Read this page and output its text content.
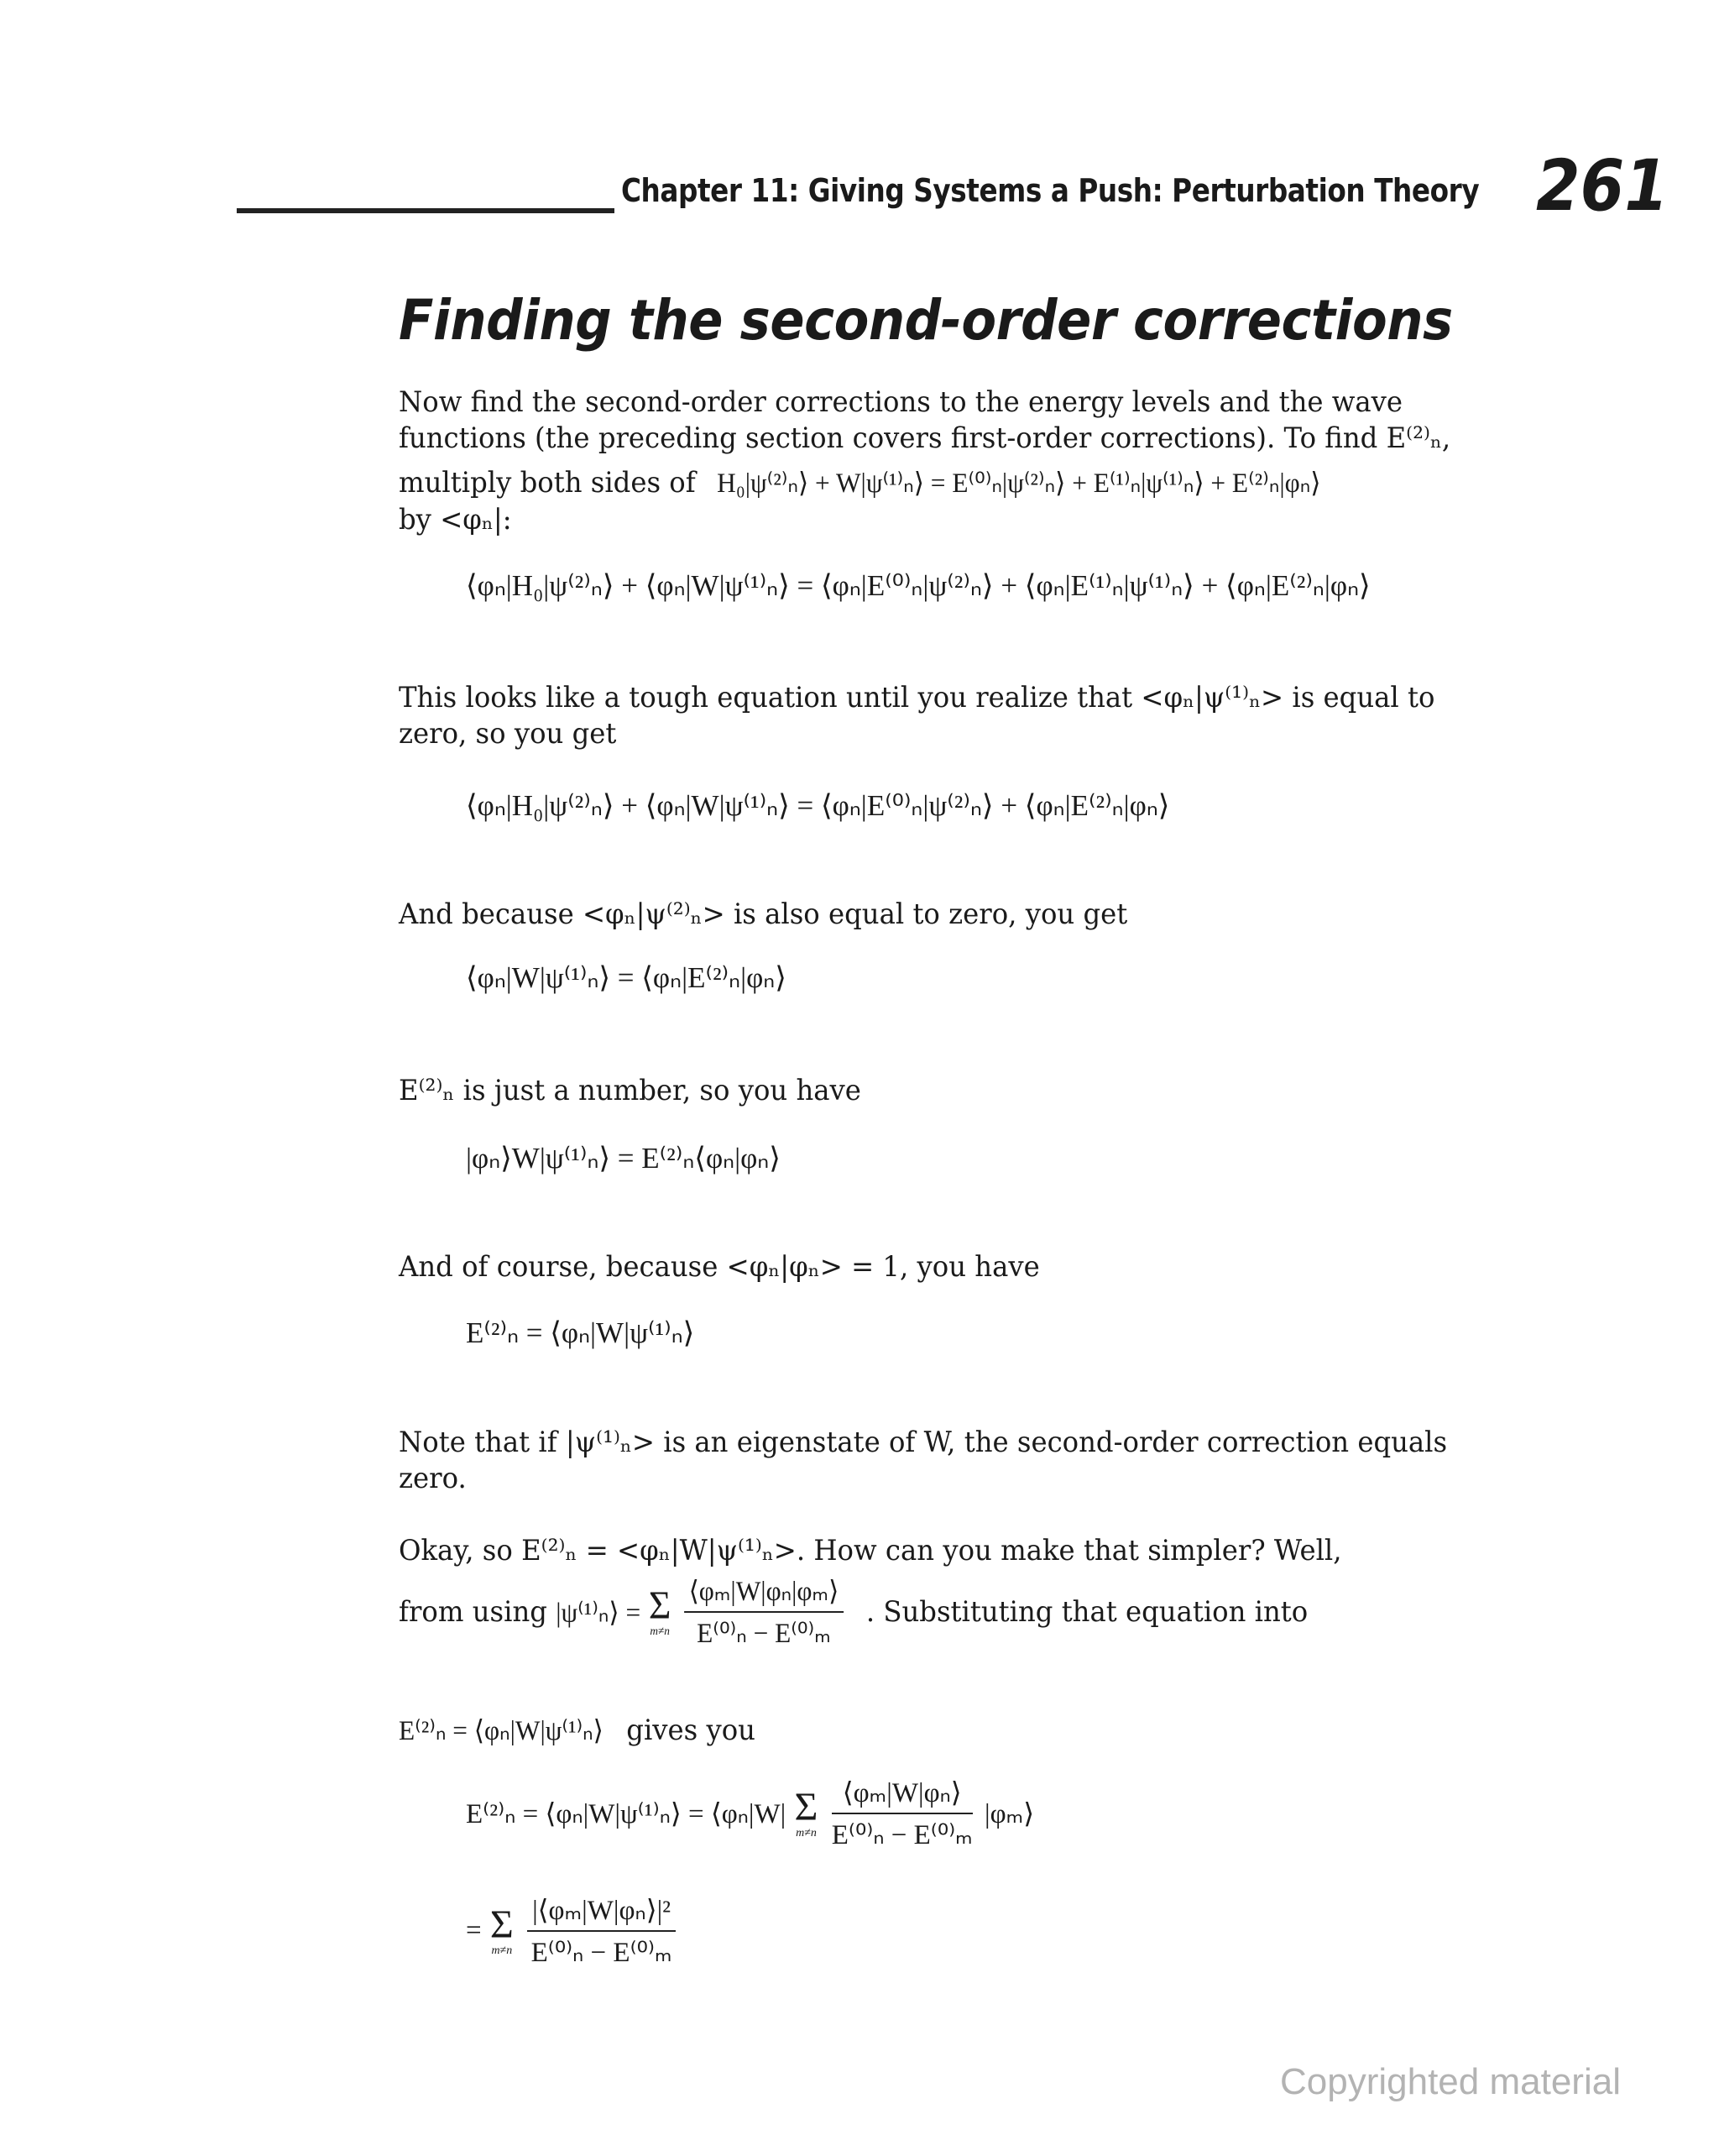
Chapter 11: Giving Systems a Push: Perturbation Theory 261
Finding the second-order corrections
Now find the second-order corrections to the energy levels and the wave
functions (the preceding section covers first-order corrections). To find E⁽²⁾ₙ,
multiply both sides of H₀|ψ⁽²⁾ₙ⟩ + W|ψ⁽¹⁾ₙ⟩ = E⁽⁰⁾ₙ|ψ⁽²⁾ₙ⟩ + E⁽¹⁾ₙ|ψ⁽¹⁾ₙ⟩ + E⁽²⁾ₙ|φₙ⟩
by <φₙ|:
⟨φₙ|H₀|ψ⁽²⁾ₙ⟩ + ⟨φₙ|W|ψ⁽¹⁾ₙ⟩ = ⟨φₙ|E⁽⁰⁾ₙ|ψ⁽²⁾ₙ⟩ + ⟨φₙ|E⁽¹⁾ₙ|ψ⁽¹⁾ₙ⟩ + ⟨φₙ|E⁽²⁾ₙ|φₙ⟩
This looks like a tough equation until you realize that <φₙ|ψ⁽¹⁾ₙ> is equal to
zero, so you get
⟨φₙ|H₀|ψ⁽²⁾ₙ⟩ + ⟨φₙ|W|ψ⁽¹⁾ₙ⟩ = ⟨φₙ|E⁽⁰⁾ₙ|ψ⁽²⁾ₙ⟩ + ⟨φₙ|E⁽²⁾ₙ|φₙ⟩
And because <φₙ|ψ⁽²⁾ₙ> is also equal to zero, you get
⟨φₙ|W|ψ⁽¹⁾ₙ⟩ = ⟨φₙ|E⁽²⁾ₙ|φₙ⟩
E⁽²⁾ₙ is just a number, so you have
|φₙ⟩W|ψ⁽¹⁾ₙ⟩ = E⁽²⁾ₙ⟨φₙ|φₙ⟩
And of course, because <φₙ|φₙ> = 1, you have
E⁽²⁾ₙ = ⟨φₙ|W|ψ⁽¹⁾ₙ⟩
Note that if |ψ⁽¹⁾ₙ> is an eigenstate of W, the second-order correction equals
zero.
Okay, so E⁽²⁾ₙ = <φₙ|W|ψ⁽¹⁾ₙ>. How can you make that simpler? Well,
from using |ψ⁽¹⁾ₙ⟩ = Σ
m≠n
$\frac{\text{⟨φₘ|W|φₙ|φₘ⟩}}{\text{E⁽⁰⁾ₙ − E⁽⁰⁾ₘ}}$ . Substituting that equation into
E⁽²⁾ₙ = ⟨φₙ|W|ψ⁽¹⁾ₙ⟩ gives you
E⁽²⁾ₙ = ⟨φₙ|W|ψ⁽¹⁾ₙ⟩ = ⟨φₙ|W| Σ
m≠n
$\frac{\text{⟨φₘ|W|φₙ⟩}}{\text{E⁽⁰⁾ₙ − E⁽⁰⁾ₘ}}$ |φₘ⟩
= Σ
m≠n
$\frac{\text{|⟨φₘ|W|φₙ⟩|²}}{\text{E⁽⁰⁾ₙ − E⁽⁰⁾ₘ}}$
Copyrighted material
